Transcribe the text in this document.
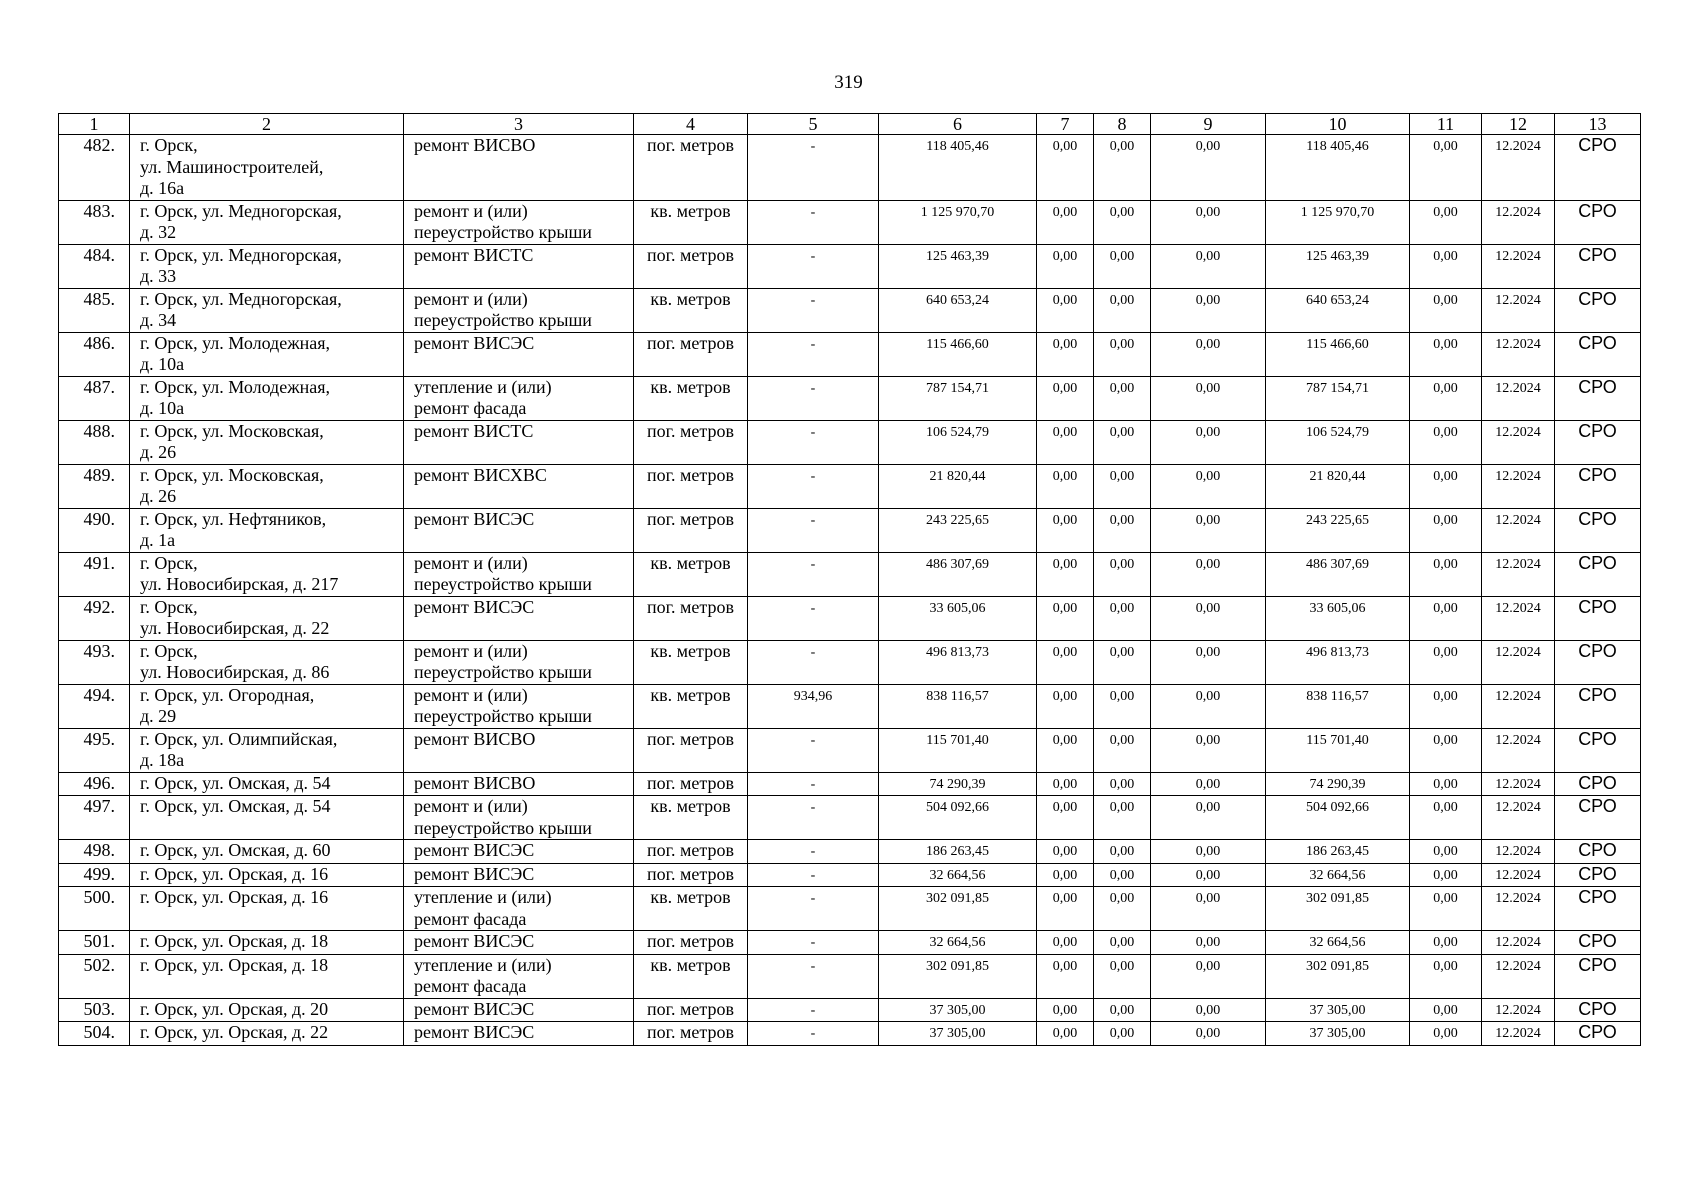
319
1	2	3	4	5	6	7	8	9	10	11	12	13
482.	г. Орск,
ул. Машиностроителей,
д. 16а	ремонт ВИСВО	пог. метров	-	118 405,46	0,00	0,00	0,00	118 405,46	0,00	12.2024	СРО
483.	г. Орск, ул. Медногорская,
д. 32	ремонт и (или)
переустройство крыши	кв. метров	-	1 125 970,70	0,00	0,00	0,00	1 125 970,70	0,00	12.2024	СРО
484.	г. Орск, ул. Медногорская,
д. 33	ремонт ВИСТС	пог. метров	-	125 463,39	0,00	0,00	0,00	125 463,39	0,00	12.2024	СРО
485.	г. Орск, ул. Медногорская,
д. 34	ремонт и (или)
переустройство крыши	кв. метров	-	640 653,24	0,00	0,00	0,00	640 653,24	0,00	12.2024	СРО
486.	г. Орск, ул. Молодежная,
д. 10а	ремонт ВИСЭС	пог. метров	-	115 466,60	0,00	0,00	0,00	115 466,60	0,00	12.2024	СРО
487.	г. Орск, ул. Молодежная,
д. 10а	утепление и (или)
ремонт фасада	кв. метров	-	787 154,71	0,00	0,00	0,00	787 154,71	0,00	12.2024	СРО
488.	г. Орск, ул. Московская,
д. 26	ремонт ВИСТС	пог. метров	-	106 524,79	0,00	0,00	0,00	106 524,79	0,00	12.2024	СРО
489.	г. Орск, ул. Московская,
д. 26	ремонт ВИСХВС	пог. метров	-	21 820,44	0,00	0,00	0,00	21 820,44	0,00	12.2024	СРО
490.	г. Орск, ул. Нефтяников,
д. 1а	ремонт ВИСЭС	пог. метров	-	243 225,65	0,00	0,00	0,00	243 225,65	0,00	12.2024	СРО
491.	г. Орск,
ул. Новосибирская, д. 217	ремонт и (или)
переустройство крыши	кв. метров	-	486 307,69	0,00	0,00	0,00	486 307,69	0,00	12.2024	СРО
492.	г. Орск,
ул. Новосибирская, д. 22	ремонт ВИСЭС	пог. метров	-	33 605,06	0,00	0,00	0,00	33 605,06	0,00	12.2024	СРО
493.	г. Орск,
ул. Новосибирская, д. 86	ремонт и (или)
переустройство крыши	кв. метров	-	496 813,73	0,00	0,00	0,00	496 813,73	0,00	12.2024	СРО
494.	г. Орск, ул. Огородная,
д. 29	ремонт и (или)
переустройство крыши	кв. метров	934,96	838 116,57	0,00	0,00	0,00	838 116,57	0,00	12.2024	СРО
495.	г. Орск, ул. Олимпийская,
д. 18а	ремонт ВИСВО	пог. метров	-	115 701,40	0,00	0,00	0,00	115 701,40	0,00	12.2024	СРО
496.	г. Орск, ул. Омская, д. 54	ремонт ВИСВО	пог. метров	-	74 290,39	0,00	0,00	0,00	74 290,39	0,00	12.2024	СРО
497.	г. Орск, ул. Омская, д. 54	ремонт и (или)
переустройство крыши	кв. метров	-	504 092,66	0,00	0,00	0,00	504 092,66	0,00	12.2024	СРО
498.	г. Орск, ул. Омская, д. 60	ремонт ВИСЭС	пог. метров	-	186 263,45	0,00	0,00	0,00	186 263,45	0,00	12.2024	СРО
499.	г. Орск, ул. Орская, д. 16	ремонт ВИСЭС	пог. метров	-	32 664,56	0,00	0,00	0,00	32 664,56	0,00	12.2024	СРО
500.	г. Орск, ул. Орская, д. 16	утепление и (или)
ремонт фасада	кв. метров	-	302 091,85	0,00	0,00	0,00	302 091,85	0,00	12.2024	СРО
501.	г. Орск, ул. Орская, д. 18	ремонт ВИСЭС	пог. метров	-	32 664,56	0,00	0,00	0,00	32 664,56	0,00	12.2024	СРО
502.	г. Орск, ул. Орская, д. 18	утепление и (или)
ремонт фасада	кв. метров	-	302 091,85	0,00	0,00	0,00	302 091,85	0,00	12.2024	СРО
503.	г. Орск, ул. Орская, д. 20	ремонт ВИСЭС	пог. метров	-	37 305,00	0,00	0,00	0,00	37 305,00	0,00	12.2024	СРО
504.	г. Орск, ул. Орская, д. 22	ремонт ВИСЭС	пог. метров	-	37 305,00	0,00	0,00	0,00	37 305,00	0,00	12.2024	СРО
